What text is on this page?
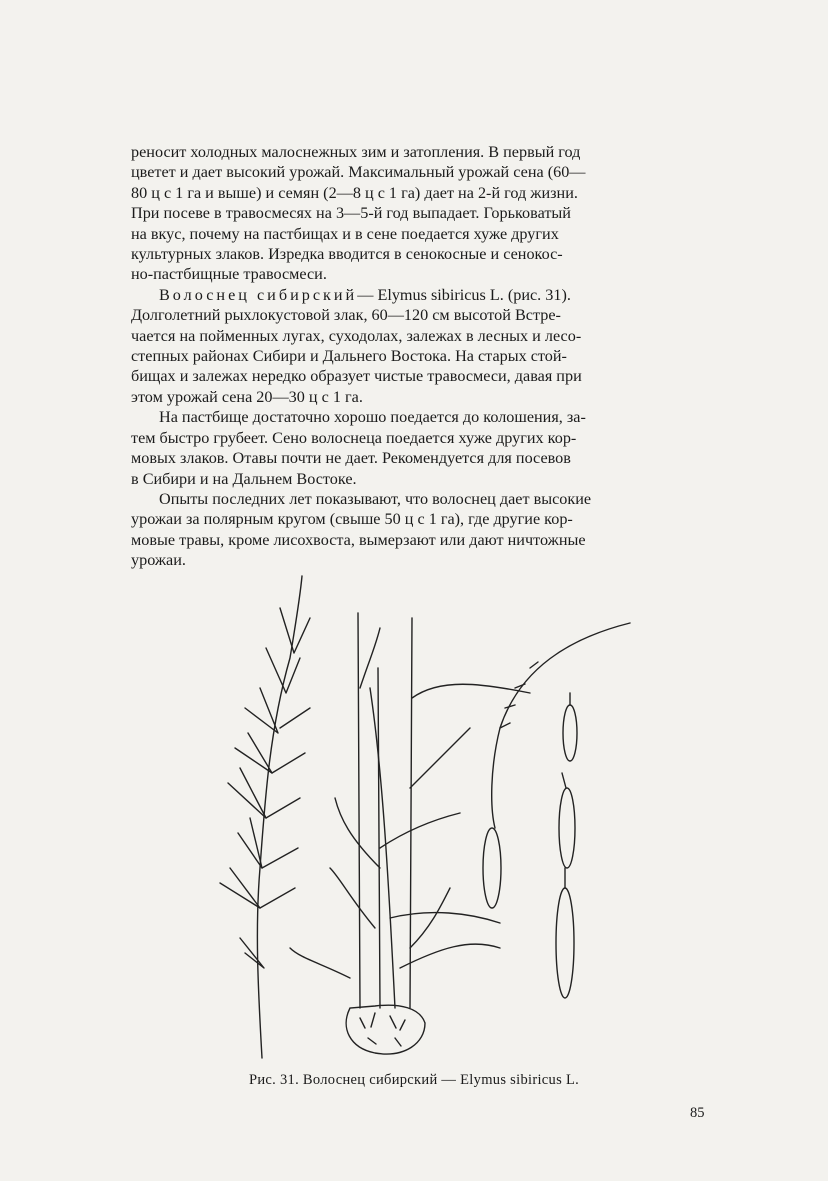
реносит холодных малоснежных зим и затопления. В первый год
цветет и дает высокий урожай. Максимальный урожай сена (60—
80 ц с 1 га и выше) и семян (2—8 ц с 1 га) дает на 2-й год жизни.
При посеве в травосмесях на 3—5-й год выпадает. Горьковатый
на вкус, почему на пастбищах и в сене поедается хуже других
культурных злаков. Изредка вводится в сенокосные и сенокос-
но-пастбищные травосмеси.

Волоснец сибирский— Elymus sibiricus L. (рис. 31).
Долголетний рыхлокустовой злак, 60—120 см высотой Встре-
чается на пойменных лугах, суходолах, залежах в лесных и лесо-
степных районах Сибири и Дальнего Востока. На старых стой-
бищах и залежах нередко образует чистые травосмеси, давая при
этом урожай сена 20—30 ц с 1 га.

На пастбище достаточно хорошо поедается до колошения, за-
тем быстро грубеет. Сено волоснеца поедается хуже других кор-
мовых злаков. Отавы почти не дает. Рекомендуется для посевов
в Сибири и на Дальнем Востоке.

Опыты последних лет показывают, что волоснец дает высокие
урожаи за полярным кругом (свыше 50 ц с 1 га), где другие кор-
мовые травы, кроме лисохвоста, вымерзают или дают ничтожные
урожаи.

Рис. 31. Волоснец сибирский — Elymus sibiricus L.
85
